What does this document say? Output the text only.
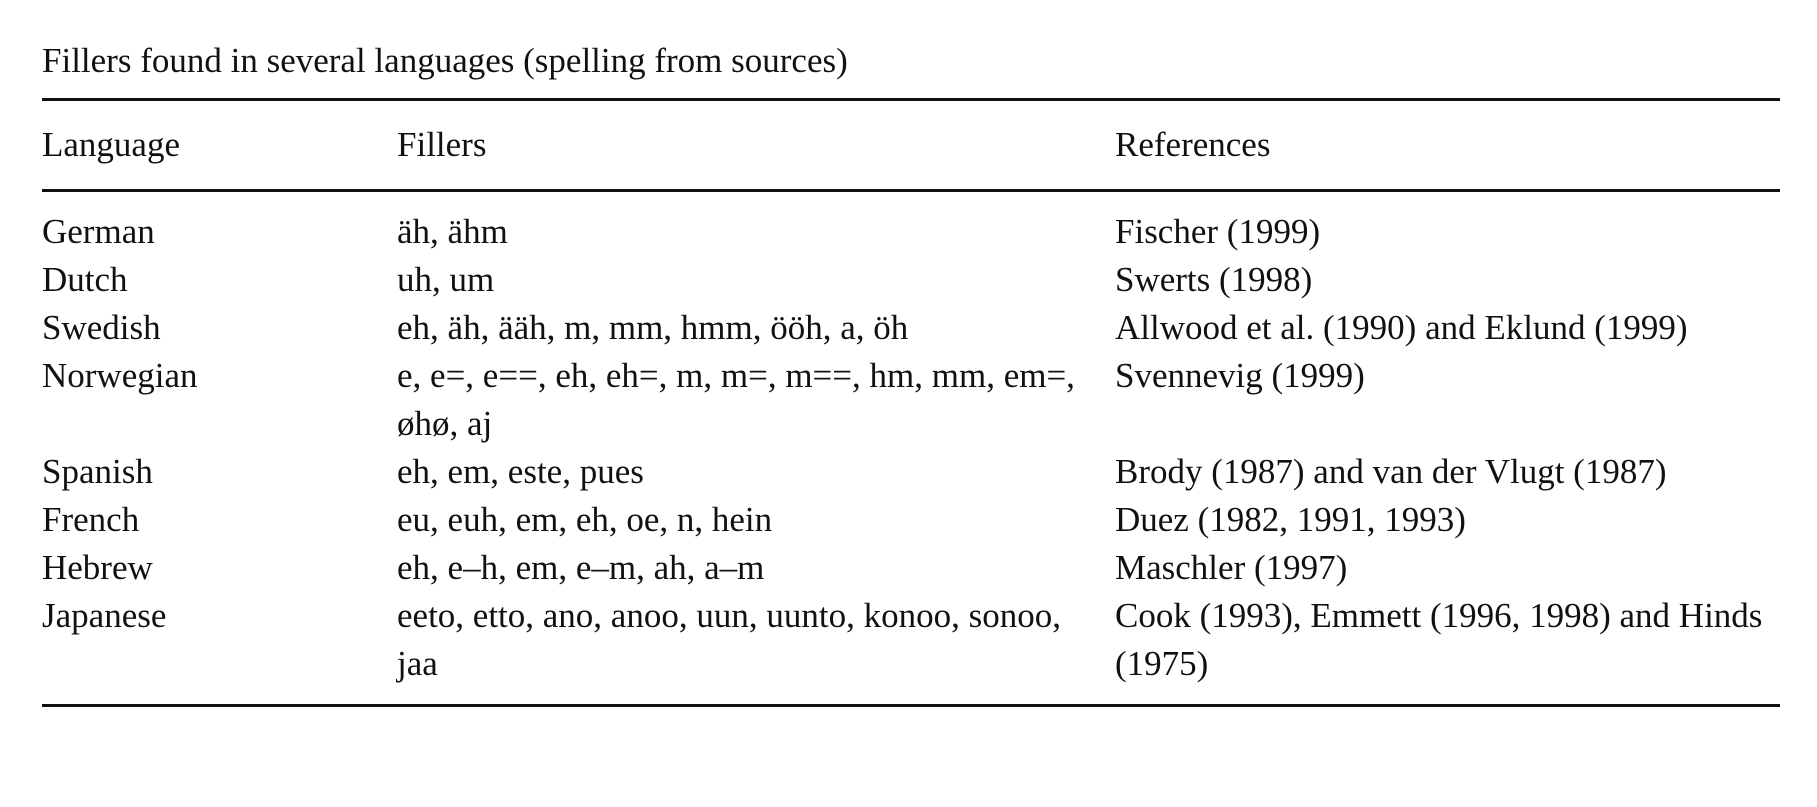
Fillers found in several languages (spelling from sources)
Language	Fillers	References
German	äh, ähm	Fischer (1999)
Dutch	uh, um	Swerts (1998)
Swedish	eh, äh, ääh, m, mm, hmm, ööh, a, öh	Allwood et al. (1990) and Eklund (1999)
Norwegian	e, e=, e==, eh, eh=, m, m=, m==, hm, mm, em=, øhø, aj	Svennevig (1999)
Spanish	eh, em, este, pues	Brody (1987) and van der Vlugt (1987)
French	eu, euh, em, eh, oe, n, hein	Duez (1982, 1991, 1993)
Hebrew	eh, e–h, em, e–m, ah, a–m	Maschler (1997)
Japanese	eeto, etto, ano, anoo, uun, uunto, konoo, sonoo, jaa	Cook (1993), Emmett (1996, 1998) and Hinds (1975)
